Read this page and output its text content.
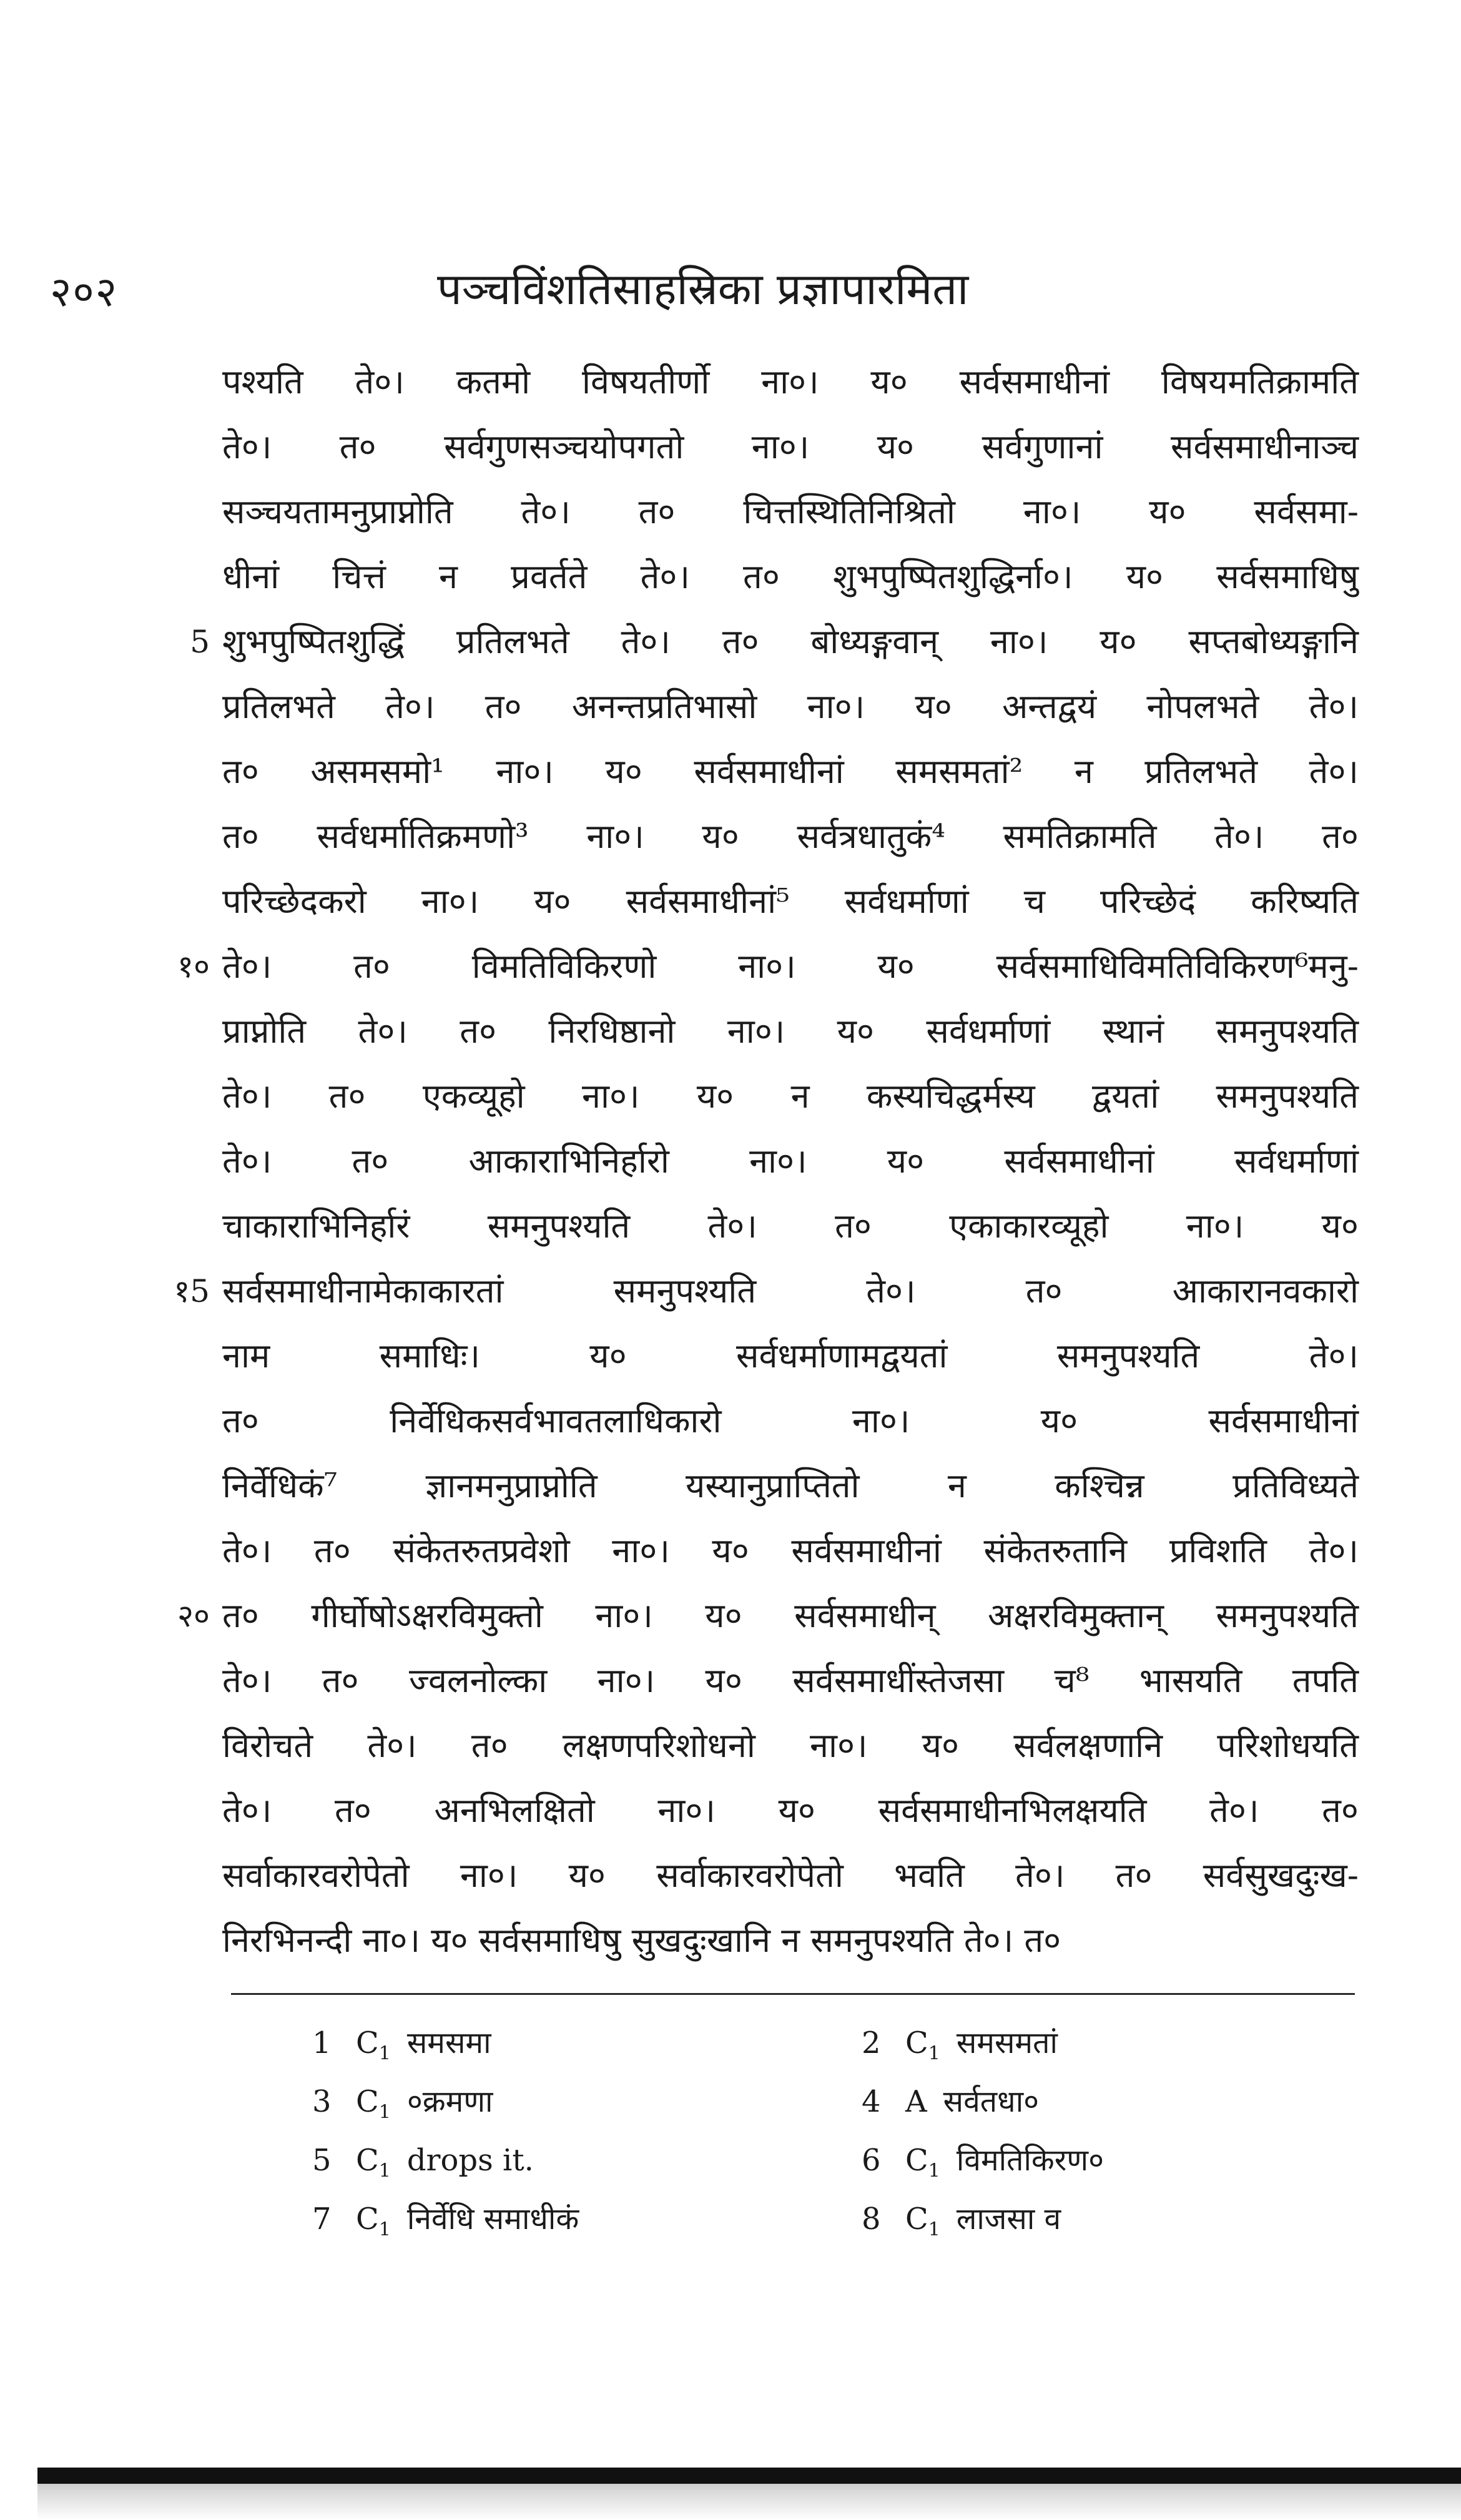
२०२	पञ्चविंशतिसाहस्रिका प्रज्ञापारमिता
पश्यति ते०। कतमो विषयतीर्णो ना०। य० सर्वसमाधीनां विषयमतिक्रामति
ते०। त० सर्वगुणसञ्चयोपगतो ना०। य० सर्वगुणानां सर्वसमाधीनाञ्च
सञ्चयतामनुप्राप्नोति ते०। त० चित्तस्थितिनिश्रितो ना०। य० सर्वसमा-
धीनां चित्तं न प्रवर्तते ते०। त० शुभपुष्पितशुद्धिर्ना०। य० सर्वसमाधिषु
5 शुभपुष्पितशुद्धिं प्रतिलभते ते०। त० बोध्यङ्गवान् ना०। य० सप्तबोध्यङ्गानि
प्रतिलभते ते०। त० अनन्तप्रतिभासो ना०। य० अन्तद्वयं नोपलभते ते०।
त० असमसमो¹ ना०। य० सर्वसमाधीनां समसमतां² न प्रतिलभते ते०।
त० सर्वधर्मातिक्रमणो³ ना०। य० सर्वत्रधातुकं⁴ समतिक्रामति ते०। त०
परिच्छेदकरो ना०। य० सर्वसमाधीनां⁵ सर्वधर्माणां च परिच्छेदं करिष्यति
१० ते०। त० विमतिविकिरणो ना०। य० सर्वसमाधिविमतिविकिरण⁶मनु-
प्राप्नोति ते०। त० निरधिष्ठानो ना०। य० सर्वधर्माणां स्थानं समनुपश्यति
ते०। त० एकव्यूहो ना०। य० न कस्यचिद्धर्मस्य द्वयतां समनुपश्यति
ते०। त० आकाराभिनिर्हारो ना०। य० सर्वसमाधीनां सर्वधर्माणां
चाकाराभिनिर्हारं समनुपश्यति ते०। त० एकाकारव्यूहो ना०। य०
१5 सर्वसमाधीनामेकाकारतां समनुपश्यति ते०। त० आकारानवकारो
नाम समाधिः। य० सर्वधर्माणामद्वयतां समनुपश्यति ते०।
त० निर्वेधिकसर्वभावतलाधिकारो ना०। य० सर्वसमाधीनां
निर्वेधिकं⁷ ज्ञानमनुप्राप्नोति यस्यानुप्राप्तितो न कश्चिन्न प्रतिविध्यते
ते०। त० संकेतरुतप्रवेशो ना०। य० सर्वसमाधीनां संकेतरुतानि प्रविशति ते०।
२० त० गीर्घोषोऽक्षरविमुक्तो ना०। य० सर्वसमाधीन् अक्षरविमुक्तान् समनुपश्यति
ते०। त० ज्वलनोल्का ना०। य० सर्वसमाधींस्तेजसा च⁸ भासयति तपति
विरोचते ते०। त० लक्षणपरिशोधनो ना०। य० सर्वलक्षणानि परिशोधयति
ते०। त० अनभिलक्षितो ना०। य० सर्वसमाधीनभिलक्षयति ते०। त०
सर्वाकारवरोपेतो ना०। य० सर्वाकारवरोपेतो भवति ते०। त० सर्वसुखदुःख-
निरभिनन्दी ना०। य० सर्वसमाधिषु सुखदुःखानि न समनुपश्यति ते०। त०
1 $C_1$ समसमा	2 $C_1$ समसमतां
3 $C_1$ ०क्रमणा	4 A सर्वतधा०
5 $C_1$ drops it.	6 $C_1$ विमतिकिरण०
7 $C_1$ निर्वेधि समाधीकं	8 $C_1$ लाजसा व
